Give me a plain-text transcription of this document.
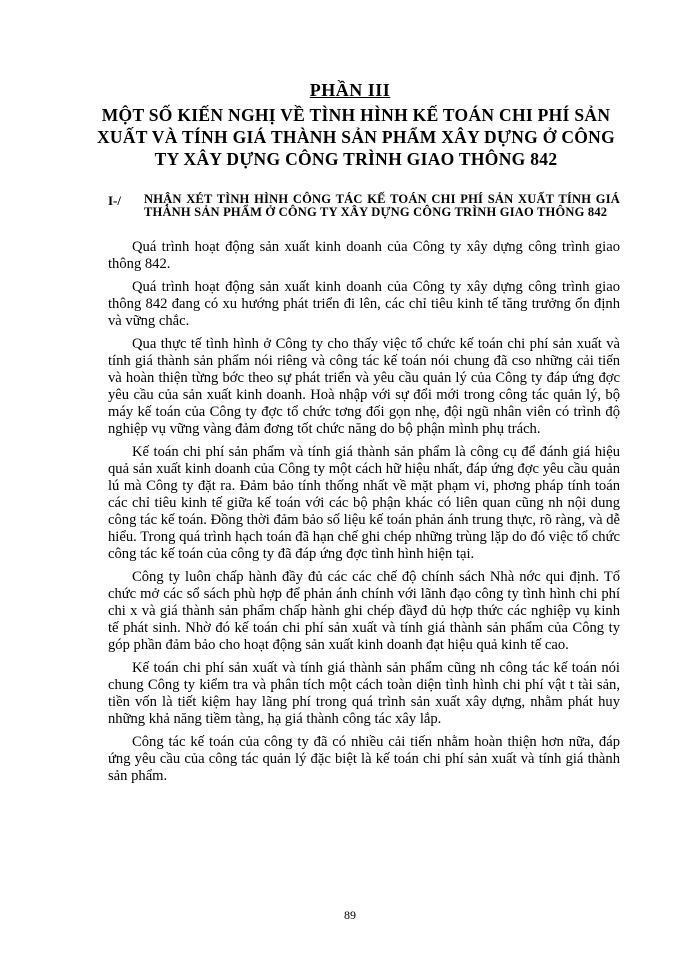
PHẦN III
MỘT SỐ KIẾN NGHỊ VỀ TÌNH HÌNH KẾ TOÁN CHI PHÍ SẢN XUẤT VÀ TÍNH GIÁ THÀNH SẢN PHẨM XÂY DỰNG Ở CÔNG TY XÂY DỰNG CÔNG TRÌNH GIAO THÔNG 842
I-/ NHẬN XÉT TÌNH HÌNH CÔNG TÁC KẾ TOÁN CHI PHÍ SẢN XUẤT TÍNH GIÁ THÀNH SẢN PHẨM Ở CÔNG TY XÂY DỰNG CÔNG TRÌNH GIAO THÔNG 842

Quá trình hoạt động sản xuất kinh doanh của Công ty xây dựng công trình giao thông 842.

Quá trình hoạt động sản xuất kinh doanh của Công ty xây dựng công trình giao thông 842 đang có xu hướng phát triển đi lên, các chỉ tiêu kinh tế tăng trưởng ổn định và vững chắc.

Qua thực tế tình hình ở Công ty cho thấy việc tổ chức kế toán chi phí sản xuất và tính giá thành sản phẩm nói riêng và công tác kế toán nói chung đã cso những cải tiến và hoàn thiện từng bớc theo sự phát triển và yêu cầu quản lý của Công ty đáp ứng đợc yêu cầu của sản xuất kinh doanh. Hoà nhập với sự đổi mới trong công tác quản lý, bộ máy kế toán của Công ty đợc tổ chức tơng đối gọn nhẹ, đội ngũ nhân viên có trình độ nghiệp vụ vững vàng đảm đơng tốt chức năng do bộ phận mình phụ trách.

Kế toán chi phí sản phẩm và tính giá thành sản phẩm là công cụ để đánh giá hiệu quả sản xuất kinh doanh của Công ty một cách hữ hiệu nhất, đáp ứng đợc yêu cầu quản lú mà Công ty đặt ra. Đảm bảo tính thống nhất về mặt phạm vi, phơng pháp tính toán các chỉ tiêu kinh tế giữa kế toán với các bộ phận khác có liên quan cũng nh nội dung công tác kế toán. Đồng thời đảm bảo số liệu kế toán phản ánh trung thực, rõ ràng, và dễ hiểu. Trong quá trình hạch toán đã hạn chế ghi chép những trùng lặp do đó việc tổ chức công tác kế toán của công ty đã đáp ứng đợc tình hình hiện tại.

Công ty luôn chấp hành đầy đủ các các chế độ chính sách Nhà nớc qui định. Tổ chức mở các sổ sách phù hợp để phản ánh chính với lãnh đạo công ty tình hình chi phí chi x và giá thành sản phẩm chấp hành ghi chép đầyđ dủ hợp thức các nghiệp vụ kinh tế phát sinh. Nhờ đó kế toán chi phí sản xuất và tính giá thành sản phẩm của Công ty góp phần đảm bảo cho hoạt động sản xuất kinh doanh đạt hiệu quả kinh tế cao.

Kế toán chi phí sản xuất và tính giá thành sản phẩm cũng nh công tác kế toán nói chung Công ty kiểm tra và phân tích một cách toàn diện tình hình chi phí vật t tài sản, tiền vốn là tiết kiệm hay lãng phí trong quá trình sản xuất xây dựng, nhằm phát huy những khả năng tiềm tàng, hạ giá thành công tác xây lắp.

Công tác kế toán của công ty đã có nhiều cải tiến nhằm hoàn thiện hơn nữa, đáp ứng yêu cầu của công tác quản lý đặc biệt là kế toán chi phí sản xuất và tính giá thành sản phẩm.

89
